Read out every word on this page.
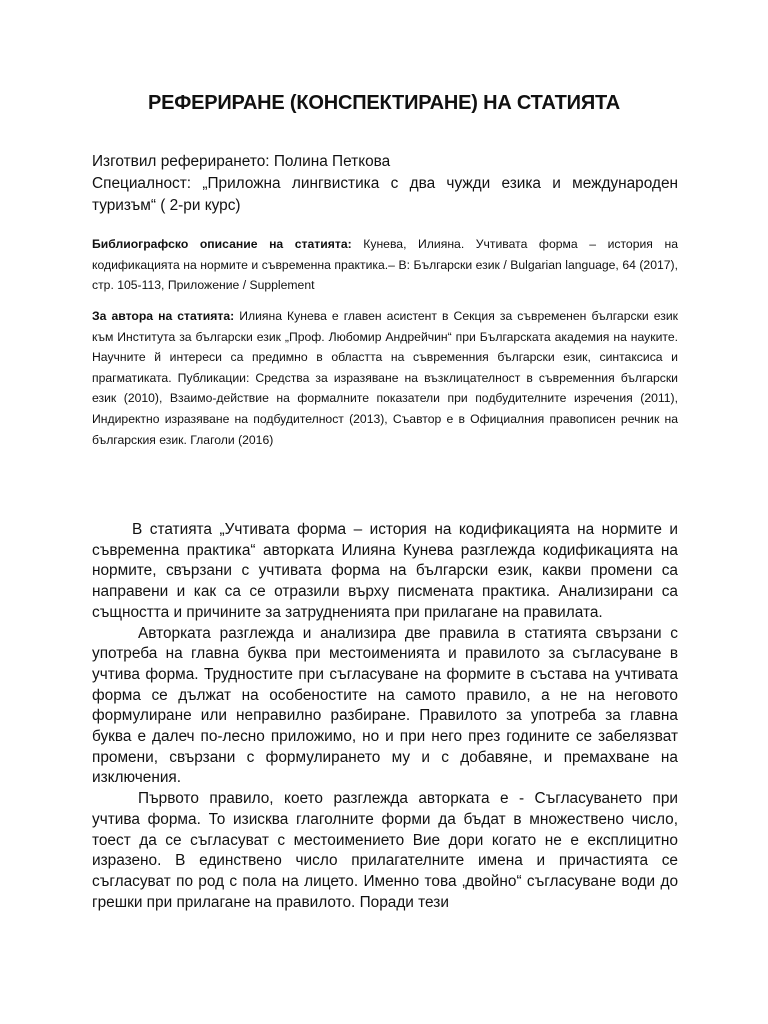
РЕФЕРИРАНЕ (КОНСПЕКТИРАНЕ) НА СТАТИЯТА

Изготвил реферирането: Полина Петкова

Специалност: „Приложна лингвистика с два чужди езика и международен туризъм“ ( 2-ри курс)

Библиографско описание на статията: Кунева, Илияна. Учтивата форма – история на кодификацията на нормите и съвременна практика.– В: Български език / Bulgarian language, 64 (2017), стр. 105-113, Приложение / Supplement

За автора на статията: Илияна Кунева е главен асистент в Секция за съвременен български език към Института за български език „Проф. Любомир Андрейчин“ при Българската академия на науките. Научните й интереси са предимно в областта на съвременния български език, синтаксиса и прагматиката. Публикации: Средства за изразяване на възклицателност в съвременния български език (2010), Взаимо-действие на формалните показатели при подбудителните изречения (2011), Индиректно изразяване на подбудителност (2013), Съавтор е в Официалния правописен речник на българския език. Глаголи (2016)

В статията „Учтивата форма – история на кодификацията на нормите и съвременна практика“ авторката Илияна Кунева разглежда кодификацията на нормите, свързани с учтивата форма на български език, какви промени са направени и как са се отразили върху писмената практика. Анализирани са същността и причините за затрудненията при прилагане на правилата.

Авторката разглежда и анализира две правила в статията свързани с употреба на главна буква при местоименията и правилото за съгласуване в учтива форма. Трудностите при съгласуване на формите в състава на учтивата форма се дължат на особеностите на самото правило, а не на неговото формулиране или неправилно разбиране. Правилото за употреба за главна буква е далеч по-лесно приложимо, но и при него през годините се забелязват промени, свързани с формулирането му и с добавяне, и премахване на изключения.

Първото правило, което разглежда авторката е - Съгласуването при учтива форма. То изисква глаголните форми да бъдат в множествено число, тоест да се съгласуват с местоимението Вие дори когато не е експлицитно изразено. В единствено число прилагателните имена и причастията се съгласуват по род с пола на лицето. Именно това ‚двойно“ съгласуване води до грешки при прилагане на правилото. Поради тези
